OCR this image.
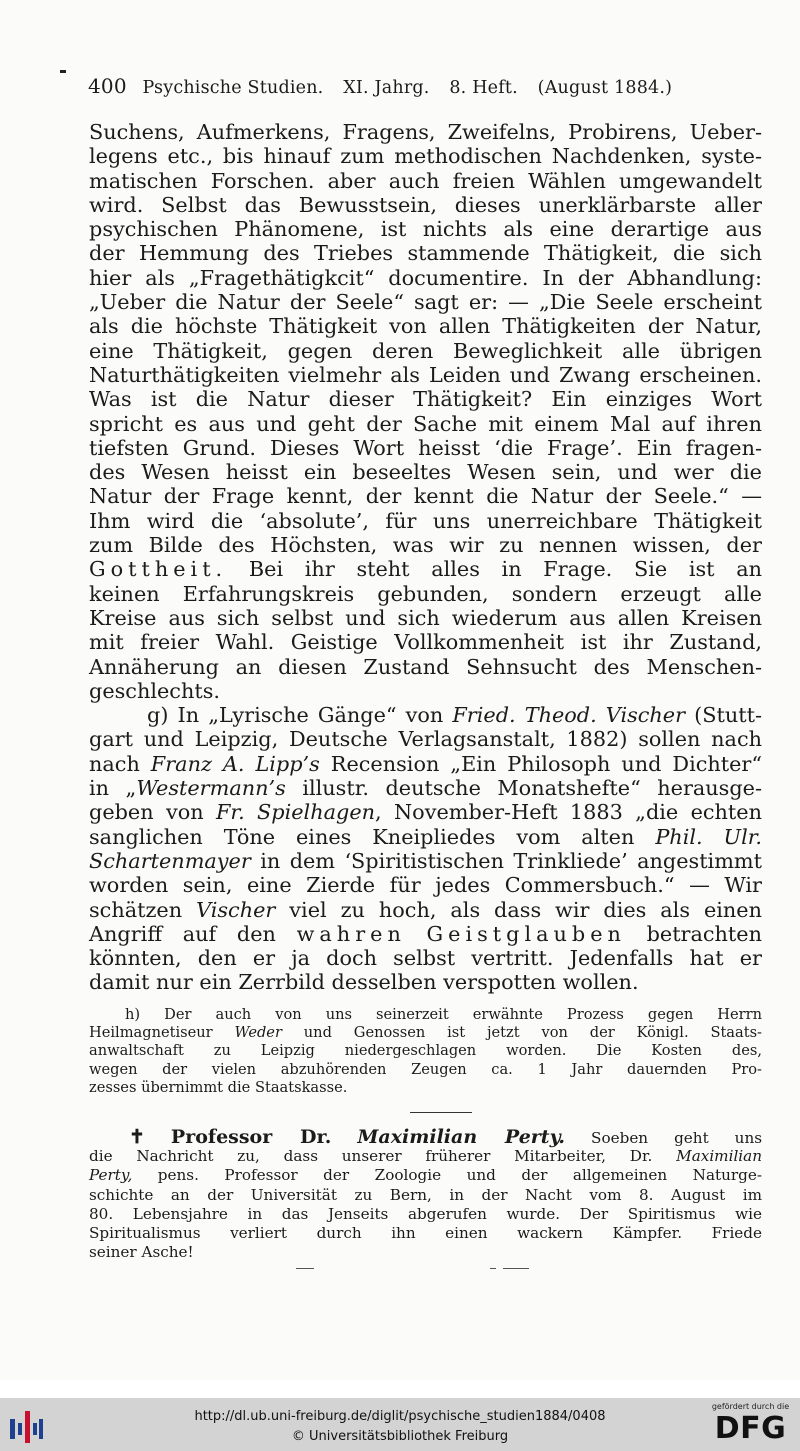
400 Psychische Studien. XI. Jahrg. 8. Heft. (August 1884.)
Suchens, Aufmerkens, Fragens, Zweifelns, Probirens, Ueber-
legens etc., bis hinauf zum methodischen Nachdenken, syste-
matischen Forschen. aber auch freien Wählen umgewandelt
wird. Selbst das Bewusstsein, dieses unerklärbarste aller
psychischen Phänomene, ist nichts als eine derartige aus
der Hemmung des Triebes stammende Thätigkeit, die sich
hier als „Fragethätigkcit“ documentire. In der Abhandlung:
„Ueber die Natur der Seele“ sagt er: — „Die Seele erscheint
als die höchste Thätigkeit von allen Thätigkeiten der Natur,
eine Thätigkeit, gegen deren Beweglichkeit alle übrigen
Naturthätigkeiten vielmehr als Leiden und Zwang erscheinen.
Was ist die Natur dieser Thätigkeit? Ein einziges Wort
spricht es aus und geht der Sache mit einem Mal auf ihren
tiefsten Grund. Dieses Wort heisst ‘die Frage’. Ein fragen-
des Wesen heisst ein beseeltes Wesen sein, und wer die
Natur der Frage kennt, der kennt die Natur der Seele.“ —
Ihm wird die ‘absolute’, für uns unerreichbare Thätigkeit
zum Bilde des Höchsten, was wir zu nennen wissen, der
Gottheit. Bei ihr steht alles in Frage. Sie ist an
keinen Erfahrungskreis gebunden, sondern erzeugt alle
Kreise aus sich selbst und sich wiederum aus allen Kreisen
mit freier Wahl. Geistige Vollkommenheit ist ihr Zustand,
Annäherung an diesen Zustand Sehnsucht des Menschen-
geschlechts.
g) In „Lyrische Gänge“ von Fried. Theod. Vischer (Stutt-
gart und Leipzig, Deutsche Verlagsanstalt, 1882) sollen nach
nach Franz A. Lipp’s Recension „Ein Philosoph und Dichter“
in „Westermann’s illustr. deutsche Monatshefte“ herausge-
geben von Fr. Spielhagen, November-Heft 1883 „die echten
sanglichen Töne eines Kneipliedes vom alten Phil. Ulr.
Schartenmayer in dem ‘Spiritistischen Trinkliede’ angestimmt
worden sein, eine Zierde für jedes Commersbuch.“ — Wir
schätzen Vischer viel zu hoch, als dass wir dies als einen
Angriff auf den wahren Geistglauben betrachten
könnten, den er ja doch selbst vertritt. Jedenfalls hat er
damit nur ein Zerrbild desselben verspotten wollen.
h) Der auch von uns seinerzeit erwähnte Prozess gegen Herrn
Heilmagnetiseur Weder und Genossen ist jetzt von der Königl. Staats-
anwaltschaft zu Leipzig niedergeschlagen worden. Die Kosten des,
wegen der vielen abzuhörenden Zeugen ca. 1 Jahr dauernden Pro-
zesses übernimmt die Staatskasse.
✝ Professor Dr. Maximilian Perty. Soeben geht uns
die Nachricht zu, dass unserer früherer Mitarbeiter, Dr. Maximilian
Perty, pens. Professor der Zoologie und der allgemeinen Naturge-
schichte an der Universität zu Bern, in der Nacht vom 8. August im
80. Lebensjahre in das Jenseits abgerufen wurde. Der Spiritismus wie
Spiritualismus verliert durch ihn einen wackern Kämpfer. Friede
seiner Asche!
http://dl.ub.uni-freiburg.de/diglit/psychische_studien1884/0408
© Universitätsbibliothek Freiburg
gefördert durch die
DFG
